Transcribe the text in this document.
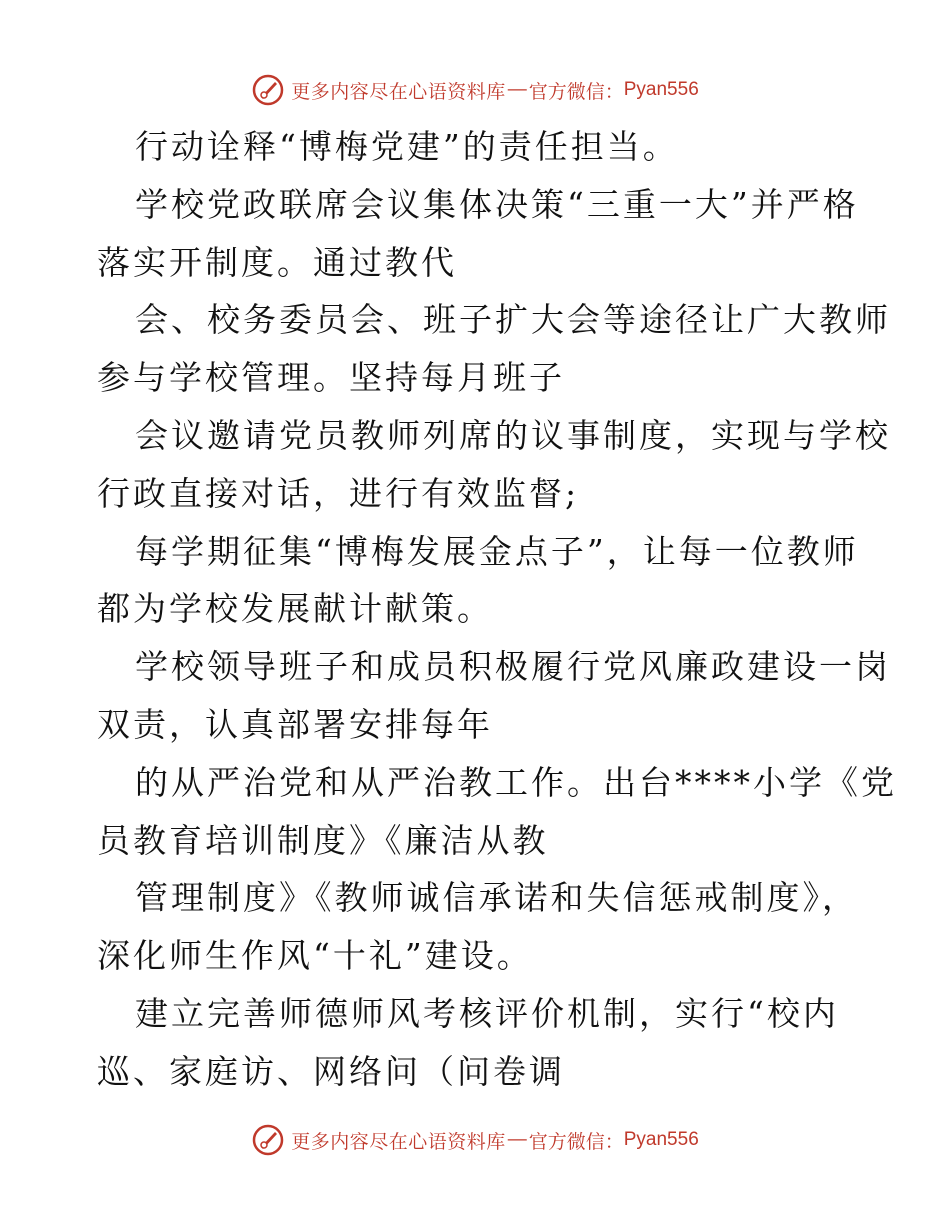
更多内容尽在心语资料库 — 官方微信： Pyan556
行动诠释“博梅党建”的责任担当。
学校党政联席会议集体决策“三重一大”并严格
落实开制度。通过教代
会、校务委员会、班子扩大会等途径让广大教师
参与学校管理。坚持每月班子
会议邀请党员教师列席的议事制度，实现与学校
行政直接对话，进行有效监督;
每学期征集“博梅发展金点子”，让每一位教师
都为学校发展献计献策。
学校领导班子和成员积极履行党风廉政建设一岗
双责，认真部署安排每年
的从严治党和从严治教工作。出台****小学《党
员教育培训制度》《廉洁从教
管理制度》《教师诚信承诺和失信惩戒制度》，
深化师生作风“十礼”建设。
建立完善师德师风考核评价机制，实行“校内
巡、家庭访、网络问（问卷调
更多内容尽在心语资料库 — 官方微信： Pyan556
